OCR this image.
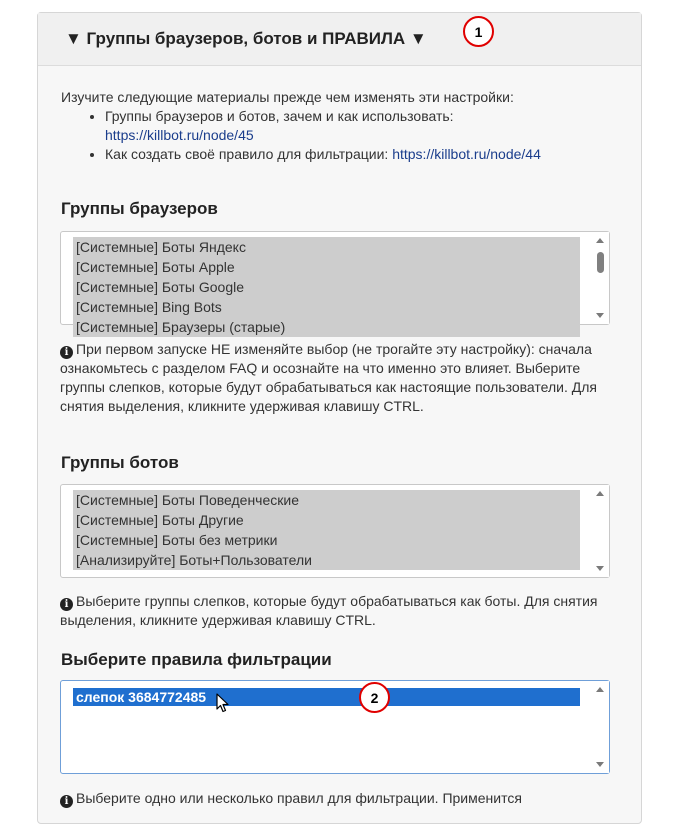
▼ Группы браузеров, ботов и ПРАВИЛА ▼

Изучите следующие материалы прежде чем изменять эти настройки:

• Группы браузеров и ботов, зачем и как использовать:
https://killbot.ru/node/45
• Как создать своё правило для фильтрации: https://killbot.ru/node/44
Группы браузеров
[Системные] Боты Яндекс
[Системные] Боты Apple
[Системные] Боты Google
[Системные] Bing Bots
[Системные] Браузеры (старые)
i При первом запуске НЕ изменяйте выбор (не трогайте эту настройку): сначала ознакомьтесь с разделом FAQ и осознайте на что именно это влияет. Выберите группы слепков, которые будут обрабатываться как настоящие пользователи. Для снятия выделения, кликните удерживая клавишу CTRL.
Группы ботов
[Системные] Боты Поведенческие
[Системные] Боты Другие
[Системные] Боты без метрики
[Анализируйте] Боты+Пользователи
i Выберите группы слепков, которые будут обрабатываться как боты. Для снятия выделения, кликните удерживая клавишу CTRL.
Выберите правила фильтрации
слепок 3684772485
i Выберите одно или несколько правил для фильтрации. Применится
1
2
